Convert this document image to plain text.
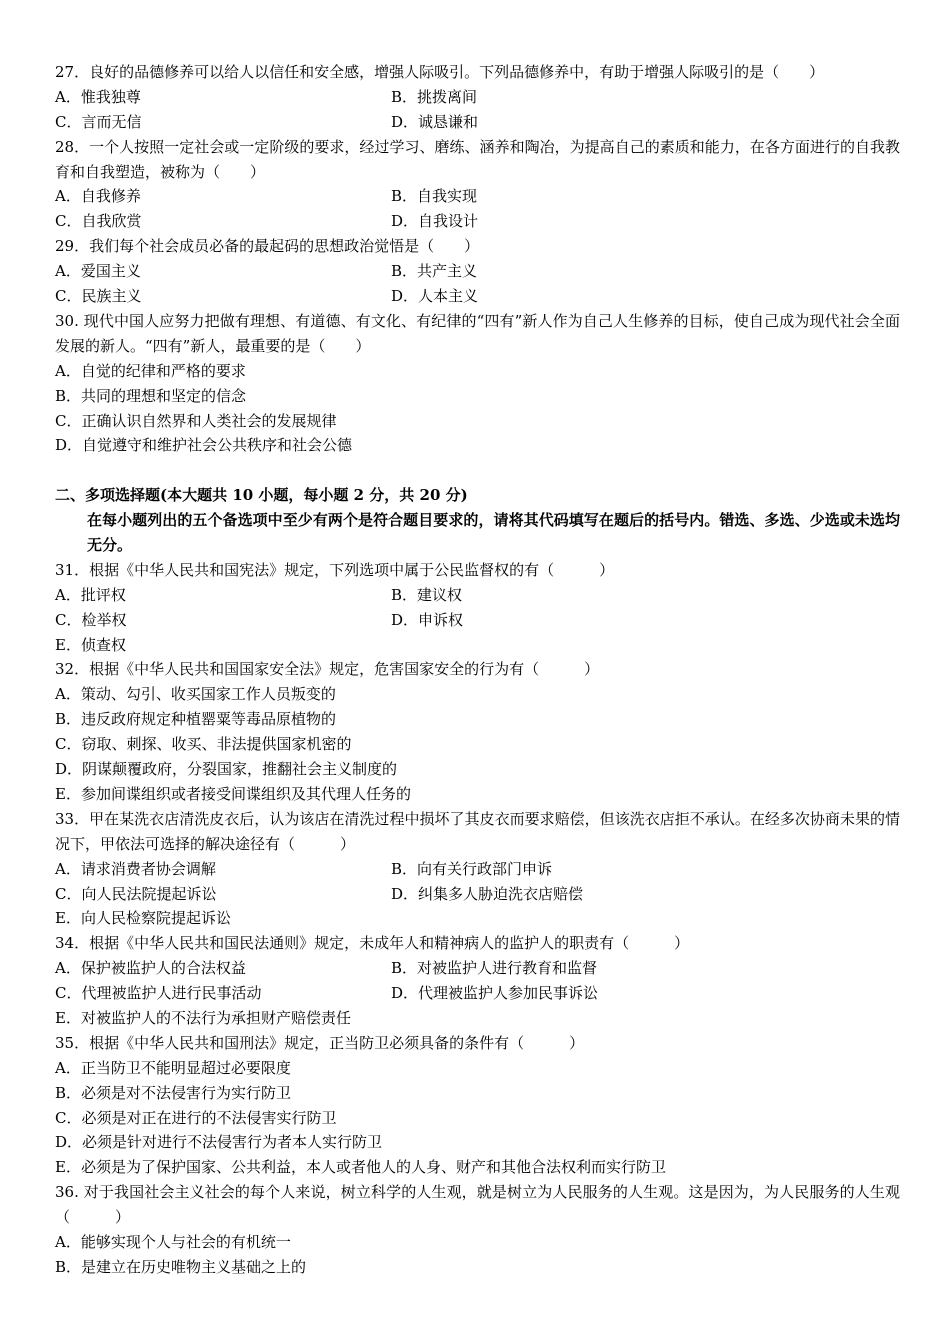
27．良好的品德修养可以给人以信任和安全感，增强人际吸引。下列品德修养中，有助于增强人际吸引的是（　　）
A．惟我独尊	B．挑拨离间
C．言而无信	D．诚恳谦和
28．一个人按照一定社会或一定阶级的要求，经过学习、磨练、涵养和陶冶，为提高自己的素质和能力，在各方面进行的自我教育和自我塑造，被称为（　　）
A．自我修养	B．自我实现
C．自我欣赏	D．自我设计
29．我们每个社会成员必备的最起码的思想政治觉悟是（　　）
A．爱国主义	B．共产主义
C．民族主义	D．人本主义
30. 现代中国人应努力把做有理想、有道德、有文化、有纪律的“四有”新人作为自己人生修养的目标，使自己成为现代社会全面发展的新人。“四有”新人，最重要的是（　　）
A．自觉的纪律和严格的要求
B．共同的理想和坚定的信念
C．正确认识自然界和人类社会的发展规律
D．自觉遵守和维护社会公共秩序和社会公德
二、多项选择题(本大题共 10 小题，每小题 2 分，共 20 分)
在每小题列出的五个备选项中至少有两个是符合题目要求的，请将其代码填写在题后的括号内。错选、多选、少选或未选均无分。
31．根据《中华人民共和国宪法》规定，下列选项中属于公民监督权的有（　　　）
A．批评权	B．建议权
C．检举权	D．申诉权
E．侦查权
32．根据《中华人民共和国国家安全法》规定，危害国家安全的行为有（　　　）
A．策动、勾引、收买国家工作人员叛变的
B．违反政府规定种植罂粟等毒品原植物的
C．窃取、刺探、收买、非法提供国家机密的
D．阴谋颠覆政府，分裂国家，推翻社会主义制度的
E．参加间谍组织或者接受间谍组织及其代理人任务的
33．甲在某洗衣店清洗皮衣后，认为该店在清洗过程中损坏了其皮衣而要求赔偿，但该洗衣店拒不承认。在经多次协商未果的情况下，甲依法可选择的解决途径有（　　　）
A．请求消费者协会调解	B．向有关行政部门申诉
C．向人民法院提起诉讼	D．纠集多人胁迫洗衣店赔偿
E．向人民检察院提起诉讼
34．根据《中华人民共和国民法通则》规定，未成年人和精神病人的监护人的职责有（　　　）
A．保护被监护人的合法权益	B．对被监护人进行教育和监督
C．代理被监护人进行民事活动	D．代理被监护人参加民事诉讼
E．对被监护人的不法行为承担财产赔偿责任
35．根据《中华人民共和国刑法》规定，正当防卫必须具备的条件有（　　　）
A．正当防卫不能明显超过必要限度
B．必须是对不法侵害行为实行防卫
C．必须是对正在进行的不法侵害实行防卫
D．必须是针对进行不法侵害行为者本人实行防卫
E．必须是为了保护国家、公共利益，本人或者他人的人身、财产和其他合法权利而实行防卫
36. 对于我国社会主义社会的每个人来说，树立科学的人生观，就是树立为人民服务的人生观。这是因为，为人民服务的人生观（　　　）
A．能够实现个人与社会的有机统一
B．是建立在历史唯物主义基础之上的
